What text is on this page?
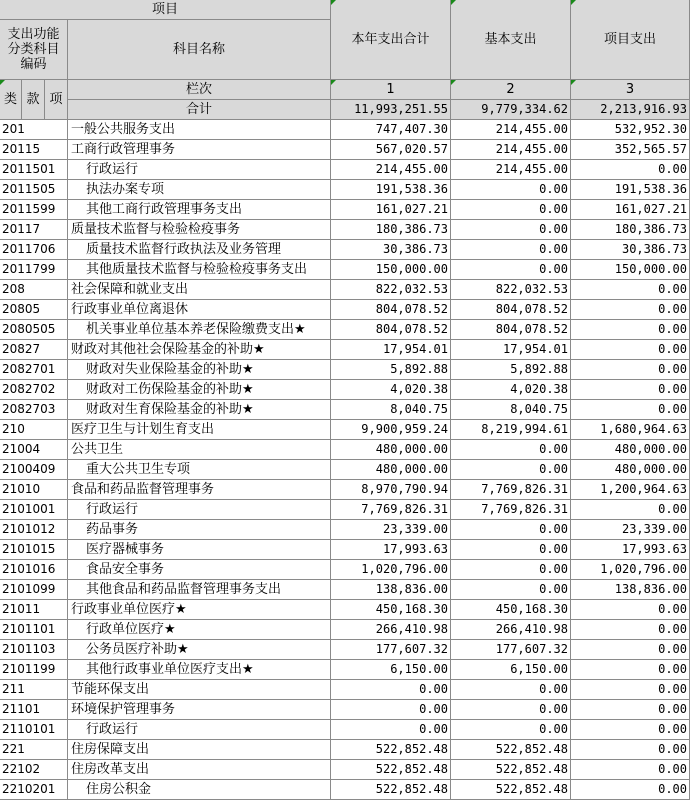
项目
支出功能分类科目编码
科目名称
本年支出合计	基本支出	项目支出
类 款 项
栏次	1	2	3
合计	11,993,251.55	9,779,334.62	2,213,916.93
201	一般公共服务支出	747,407.30	214,455.00	532,952.30
20115	工商行政管理事务	567,020.57	214,455.00	352,565.57
2011501	行政运行	214,455.00	214,455.00	0.00
2011505	执法办案专项	191,538.36	0.00	191,538.36
2011599	其他工商行政管理事务支出	161,027.21	0.00	161,027.21
20117	质量技术监督与检验检疫事务	180,386.73	0.00	180,386.73
2011706	质量技术监督行政执法及业务管理	30,386.73	0.00	30,386.73
2011799	其他质量技术监督与检验检疫事务支出	150,000.00	0.00	150,000.00
208	社会保障和就业支出	822,032.53	822,032.53	0.00
20805	行政事业单位离退休	804,078.52	804,078.52	0.00
2080505	机关事业单位基本养老保险缴费支出★	804,078.52	804,078.52	0.00
20827	财政对其他社会保险基金的补助★	17,954.01	17,954.01	0.00
2082701	财政对失业保险基金的补助★	5,892.88	5,892.88	0.00
2082702	财政对工伤保险基金的补助★	4,020.38	4,020.38	0.00
2082703	财政对生育保险基金的补助★	8,040.75	8,040.75	0.00
210	医疗卫生与计划生育支出	9,900,959.24	8,219,994.61	1,680,964.63
21004	公共卫生	480,000.00	0.00	480,000.00
2100409	重大公共卫生专项	480,000.00	0.00	480,000.00
21010	食品和药品监督管理事务	8,970,790.94	7,769,826.31	1,200,964.63
2101001	行政运行	7,769,826.31	7,769,826.31	0.00
2101012	药品事务	23,339.00	0.00	23,339.00
2101015	医疗器械事务	17,993.63	0.00	17,993.63
2101016	食品安全事务	1,020,796.00	0.00	1,020,796.00
2101099	其他食品和药品监督管理事务支出	138,836.00	0.00	138,836.00
21011	行政事业单位医疗★	450,168.30	450,168.30	0.00
2101101	行政单位医疗★	266,410.98	266,410.98	0.00
2101103	公务员医疗补助★	177,607.32	177,607.32	0.00
2101199	其他行政事业单位医疗支出★	6,150.00	6,150.00	0.00
211	节能环保支出	0.00	0.00	0.00
21101	环境保护管理事务	0.00	0.00	0.00
2110101	行政运行	0.00	0.00	0.00
221	住房保障支出	522,852.48	522,852.48	0.00
22102	住房改革支出	522,852.48	522,852.48	0.00
2210201	住房公积金	522,852.48	522,852.48	0.00
